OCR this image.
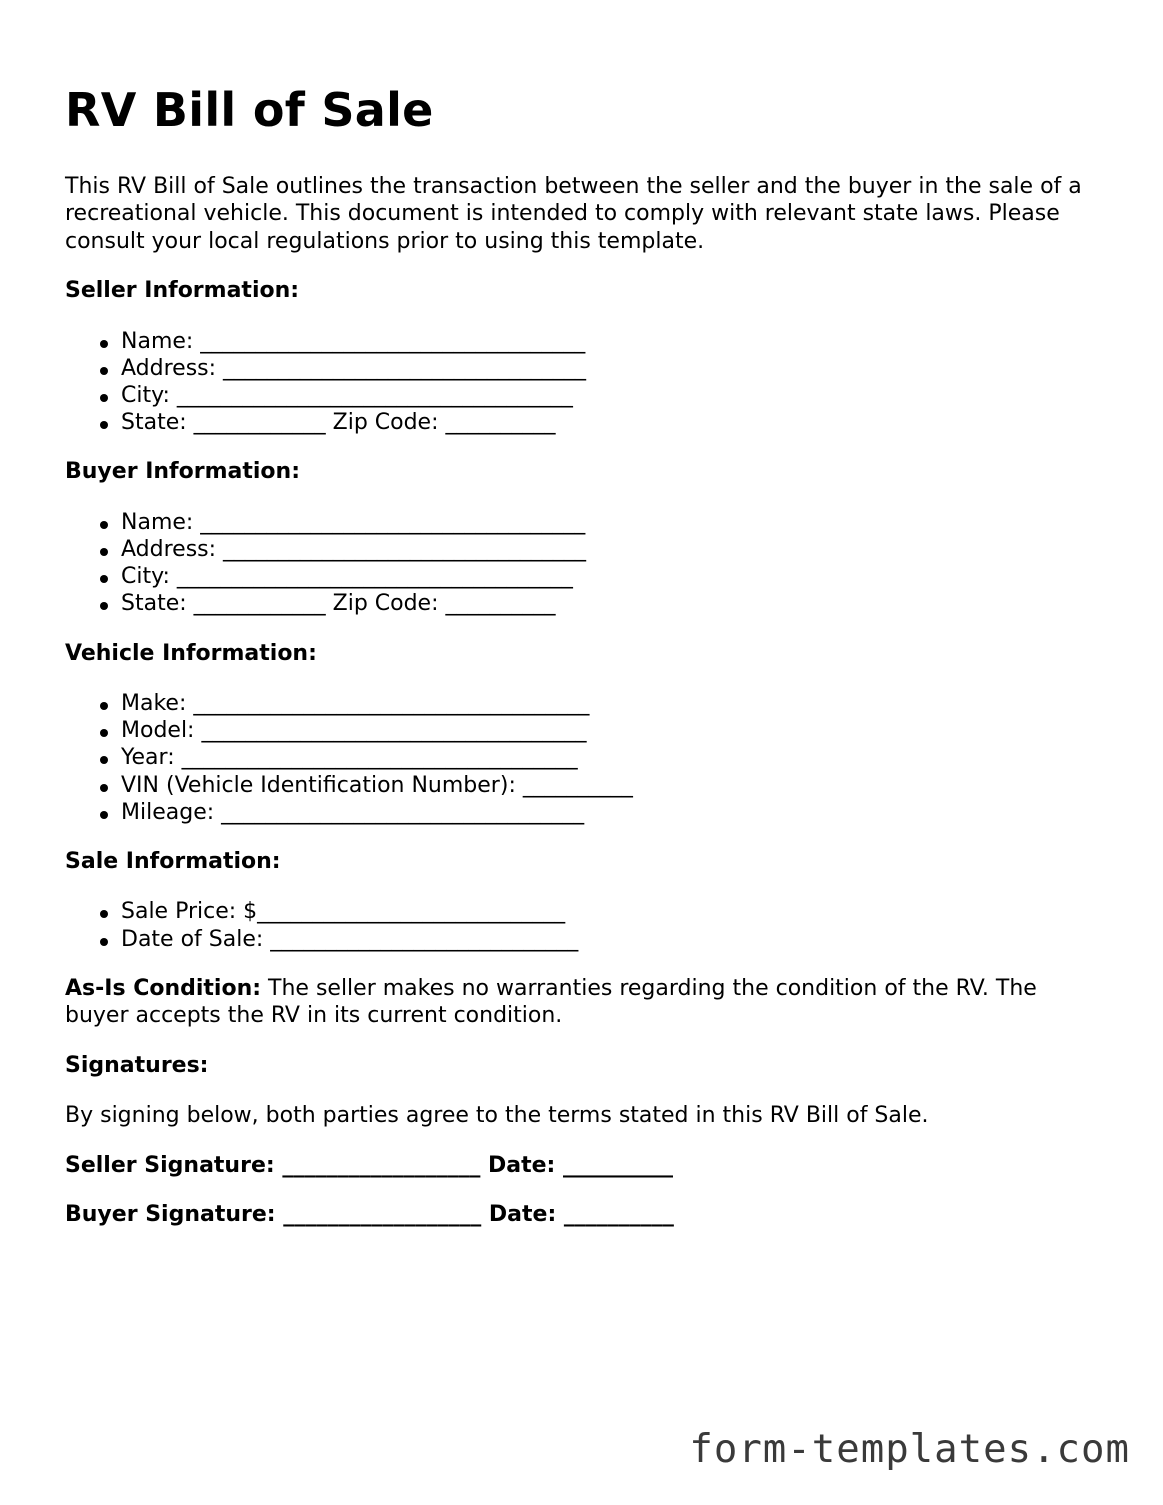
RV Bill of Sale

This RV Bill of Sale outlines the transaction between the seller and the buyer in the sale of a recreational vehicle. This document is intended to comply with relevant state laws. Please consult your local regulations prior to using this template.

Seller Information:
Name: ___________________________________
Address: _________________________________
City: ____________________________________
State: ____________ Zip Code: __________
Buyer Information:
Name: ___________________________________
Address: _________________________________
City: ____________________________________
State: ____________ Zip Code: __________
Vehicle Information:
Make: ____________________________________
Model: ___________________________________
Year: ____________________________________
VIN (Vehicle Identification Number): __________
Mileage: _________________________________
Sale Information:
Sale Price: $____________________________
Date of Sale: ____________________________

As-Is Condition: The seller makes no warranties regarding the condition of the RV. The buyer accepts the RV in its current condition.

Signatures:

By signing below, both parties agree to the terms stated in this RV Bill of Sale.

Seller Signature: __________________ Date: __________
Buyer Signature: __________________ Date: __________
form-templates.com
